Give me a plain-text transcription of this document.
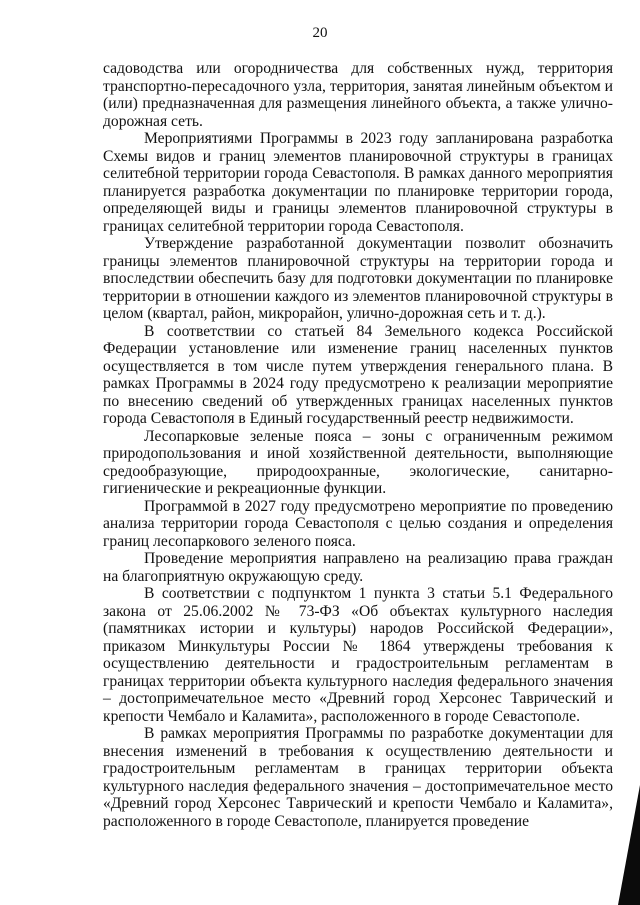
20

садоводства или огородничества для собственных нужд, территория транспортно-пересадочного узла, территория, занятая линейным объектом и (или) предназначенная для размещения линейного объекта, а также улично-дорожная сеть.

Мероприятиями Программы в 2023 году запланирована разработка Схемы видов и границ элементов планировочной структуры в границах селитебной территории города Севастополя. В рамках данного мероприятия планируется разработка документации по планировке территории города, определяющей виды и границы элементов планировочной структуры в границах селитебной территории города Севастополя.

Утверждение разработанной документации позволит обозначить границы элементов планировочной структуры на территории города и впоследствии обеспечить базу для подготовки документации по планировке территории в отношении каждого из элементов планировочной структуры в целом (квартал, район, микрорайон, улично-дорожная сеть и т. д.).

В соответствии со статьей 84 Земельного кодекса Российской Федерации установление или изменение границ населенных пунктов осуществляется в том числе путем утверждения генерального плана. В рамках Программы в 2024 году предусмотрено к реализации мероприятие по внесению сведений об утвержденных границах населенных пунктов города Севастополя в Единый государственный реестр недвижимости.

Лесопарковые зеленые пояса – зоны с ограниченным режимом природопользования и иной хозяйственной деятельности, выполняющие средообразующие, природоохранные, экологические, санитарно-гигиенические и рекреационные функции.

Программой в 2027 году предусмотрено мероприятие по проведению анализа территории города Севастополя с целью создания и определения границ лесопаркового зеленого пояса.

Проведение мероприятия направлено на реализацию права граждан на благоприятную окружающую среду.

В соответствии с подпунктом 1 пункта 3 статьи 5.1 Федерального закона от 25.06.2002 № 73-ФЗ «Об объектах культурного наследия (памятниках истории и культуры) народов Российской Федерации», приказом Минкультуры России № 1864 утверждены требования к осуществлению деятельности и градостроительным регламентам в границах территории объекта культурного наследия федерального значения – достопримечательное место «Древний город Херсонес Таврический и крепости Чембало и Каламита», расположенного в городе Севастополе.

В рамках мероприятия Программы по разработке документации для внесения изменений в требования к осуществлению деятельности и градостроительным регламентам в границах территории объекта культурного наследия федерального значения – достопримечательное место «Древний город Херсонес Таврический и крепости Чембало и Каламита», расположенного в городе Севастополе, планируется проведение
